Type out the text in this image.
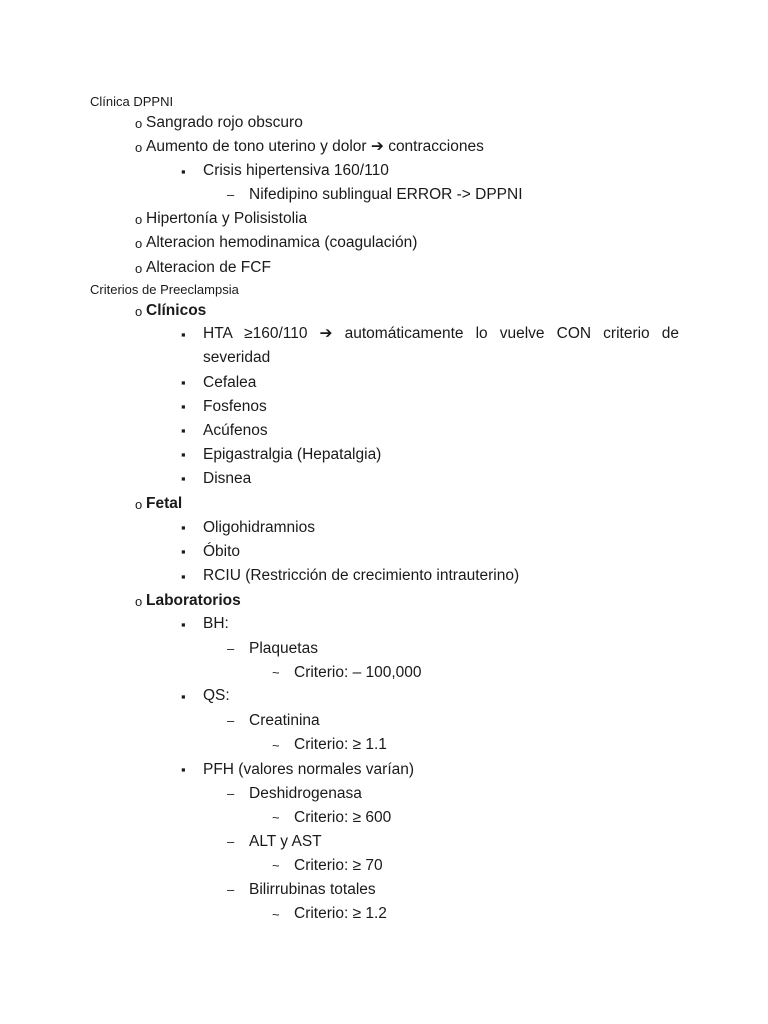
Clínica DPPNI
o Sangrado rojo obscuro
o Aumento de tono uterino y dolor ➔ contracciones
▪ Crisis hipertensiva 160/110
– Nifedipino sublingual ERROR -> DPPNI
o Hipertonía y Polisistolia
o Alteracion hemodinamica (coagulación)
o Alteracion de FCF
Criterios de Preeclampsia
o Clínicos
▪ HTA ≥160/110 ➔ automáticamente lo vuelve CON criterio de
severidad
▪ Cefalea
▪ Fosfenos
▪ Acúfenos
▪ Epigastralgia (Hepatalgia)
▪ Disnea
o Fetal
▪ Oligohidramnios
▪ Óbito
▪ RCIU (Restricción de crecimiento intrauterino)
o Laboratorios
▪ BH:
– Plaquetas
~ Criterio: – 100,000
▪ QS:
– Creatinina
~ Criterio: ≥ 1.1
▪ PFH (valores normales varían)
– Deshidrogenasa
~ Criterio: ≥ 600
– ALT y AST
~ Criterio: ≥ 70
– Bilirrubinas totales
~ Criterio: ≥ 1.2
